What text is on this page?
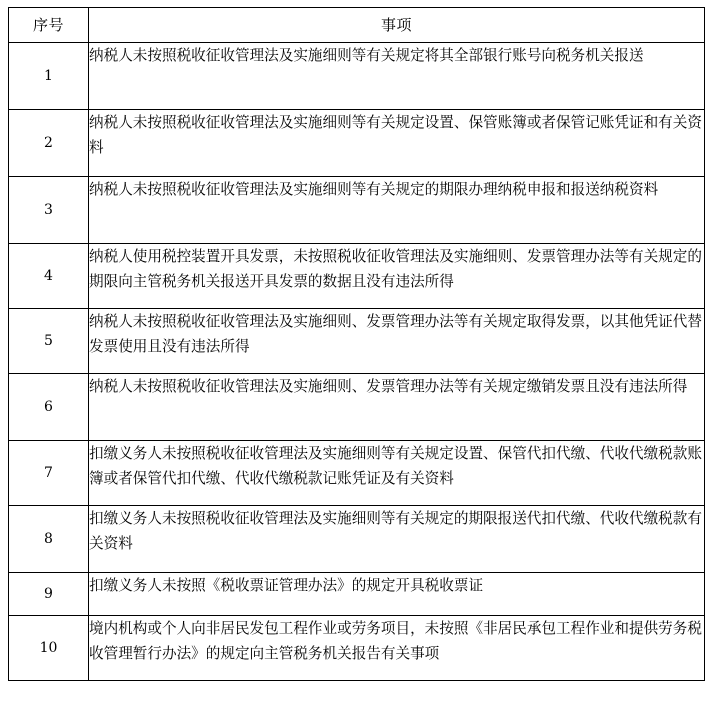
序号	事项

1	纳税人未按照税收征收管理法及实施细则等有关规定将其全部银行账号向税务机关报送

2	纳税人未按照税收征收管理法及实施细则等有关规定设置、保管账簿或者保管记账凭证和有关资料

3	纳税人未按照税收征收管理法及实施细则等有关规定的期限办理纳税申报和报送纳税资料

4	纳税人使用税控装置开具发票，未按照税收征收管理法及实施细则、发票管理办法等有关规定的期限向主管税务机关报送开具发票的数据且没有违法所得

5	纳税人未按照税收征收管理法及实施细则、发票管理办法等有关规定取得发票，以其他凭证代替发票使用且没有违法所得

6	纳税人未按照税收征收管理法及实施细则、发票管理办法等有关规定缴销发票且没有违法所得

7	扣缴义务人未按照税收征收管理法及实施细则等有关规定设置、保管代扣代缴、代收代缴税款账簿或者保管代扣代缴、代收代缴税款记账凭证及有关资料

8	扣缴义务人未按照税收征收管理法及实施细则等有关规定的期限报送代扣代缴、代收代缴税款有关资料

9	扣缴义务人未按照《税收票证管理办法》的规定开具税收票证

10	境内机构或个人向非居民发包工程作业或劳务项目，未按照《非居民承包工程作业和提供劳务税收管理暂行办法》的规定向主管税务机关报告有关事项
